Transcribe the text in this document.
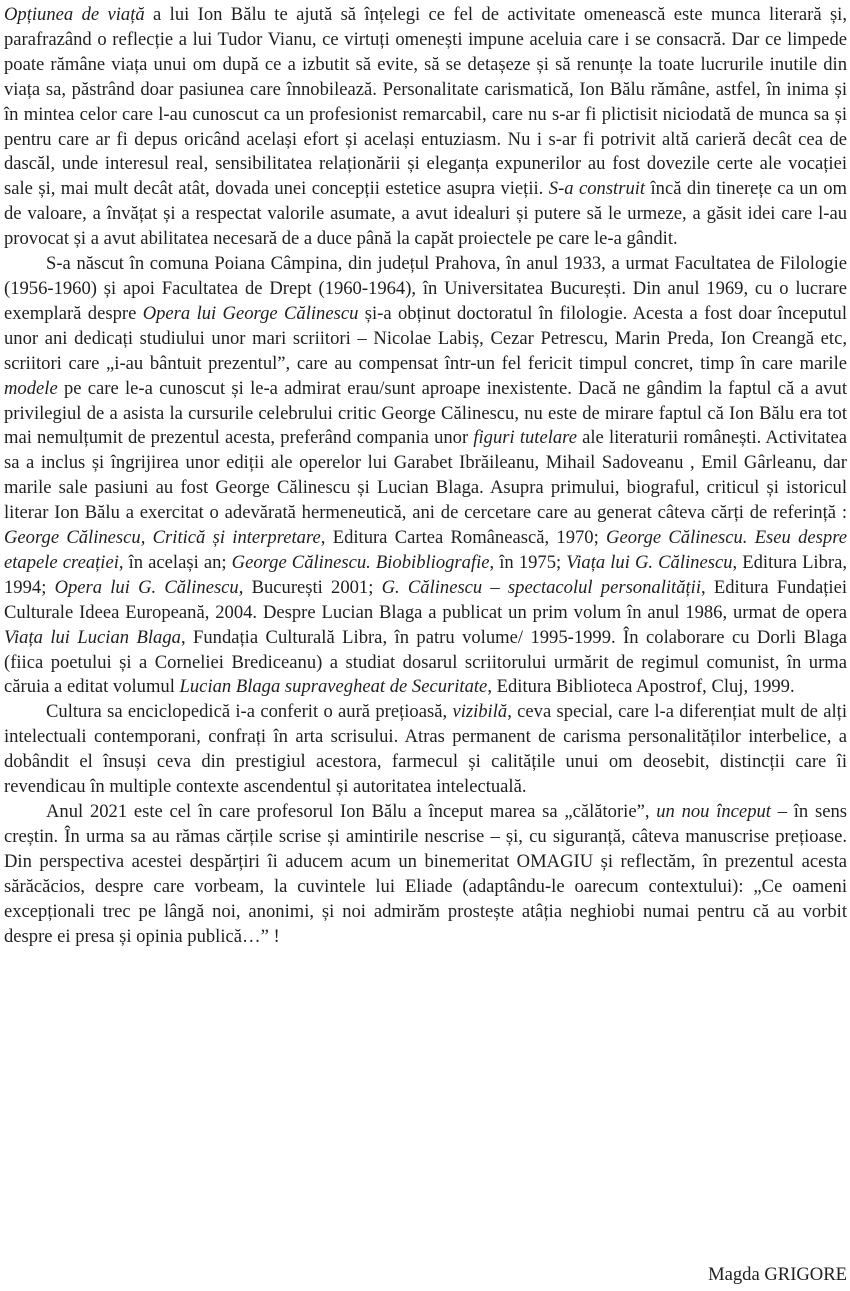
Opțiunea de viață a lui Ion Bălu te ajută să înțelegi ce fel de activitate omenească este munca literară și, parafrazând o reflecție a lui Tudor Vianu, ce virtuți omenești impune aceluia care i se consacră. Dar ce limpede poate rămâne viața unui om după ce a izbutit să evite, să se detașeze și să renunțe la toate lucrurile inutile din viața sa, păstrând doar pasiunea care înnobilează. Personalitate carismatică, Ion Bălu rămâne, astfel, în inima și în mintea celor care l-au cunoscut ca un profesionist remarcabil, care nu s-ar fi plictisit niciodată de munca sa și pentru care ar fi depus oricând același efort și același entuziasm. Nu i s-ar fi potrivit altă carieră decât cea de dascăl, unde interesul real, sensibilitatea relaționării și eleganța expunerilor au fost dovezile certe ale vocației sale și, mai mult decât atât, dovada unei concepții estetice asupra vieții. S-a construit încă din tinerețe ca un om de valoare, a învățat și a respectat valorile asumate, a avut idealuri și putere să le urmeze, a găsit idei care l-au provocat și a avut abilitatea necesară de a duce până la capăt proiectele pe care le-a gândit.

S-a născut în comuna Poiana Câmpina, din județul Prahova, în anul 1933, a urmat Facultatea de Filologie (1956-1960) și apoi Facultatea de Drept (1960-1964), în Universitatea București. Din anul 1969, cu o lucrare exemplară despre Opera lui George Călinescu și-a obținut doctoratul în filologie. Acesta a fost doar începutul unor ani dedicați studiului unor mari scriitori – Nicolae Labiș, Cezar Petrescu, Marin Preda, Ion Creangă etc, scriitori care „i-au bântuit prezentul”, care au compensat într-un fel fericit timpul concret, timp în care marile modele pe care le-a cunoscut și le-a admirat erau/sunt aproape inexistente. Dacă ne gândim la faptul că a avut privilegiul de a asista la cursurile celebrului critic George Călinescu, nu este de mirare faptul că Ion Bălu era tot mai nemulțumit de prezentul acesta, preferând compania unor figuri tutelare ale literaturii românești. Activitatea sa a inclus și îngrijirea unor ediții ale operelor lui Garabet Ibrăileanu, Mihail Sadoveanu , Emil Gârleanu, dar marile sale pasiuni au fost George Călinescu și Lucian Blaga. Asupra primului, biograful, criticul și istoricul literar Ion Bălu a exercitat o adevărată hermeneutică, ani de cercetare care au generat câteva cărți de referință : George Călinescu, Critică și interpretare, Editura Cartea Românească, 1970; George Călinescu. Eseu despre etapele creației, în același an; George Călinescu. Biobibliografie, în 1975; Viața lui G. Călinescu, Editura Libra, 1994; Opera lui G. Călinescu, București 2001; G. Călinescu – spectacolul personalității, Editura Fundației Culturale Ideea Europeană, 2004. Despre Lucian Blaga a publicat un prim volum în anul 1986, urmat de opera Viața lui Lucian Blaga, Fundația Culturală Libra, în patru volume/ 1995-1999. În colaborare cu Dorli Blaga (fiica poetului și a Corneliei Brediceanu) a studiat dosarul scriitorului urmărit de regimul comunist, în urma căruia a editat volumul Lucian Blaga supravegheat de Securitate, Editura Biblioteca Apostrof, Cluj, 1999.

Cultura sa enciclopedică i-a conferit o aură prețioasă, vizibilă, ceva special, care l-a diferențiat mult de alți intelectuali contemporani, confrați în arta scrisului. Atras permanent de carisma personalităților interbelice, a dobândit el însuși ceva din prestigiul acestora, farmecul și calitățile unui om deosebit, distincții care îi revendicau în multiple contexte ascendentul și autoritatea intelectuală.

Anul 2021 este cel în care profesorul Ion Bălu a început marea sa „călătorie”, un nou început – în sens creștin. În urma sa au rămas cărțile scrise și amintirile nescrise – și, cu siguranță, câteva manuscrise prețioase. Din perspectiva acestei despărțiri îi aducem acum un binemeritat OMAGIU și reflectăm, în prezentul acesta sărăcăcios, despre care vorbeam, la cuvintele lui Eliade (adaptându-le oarecum contextului): „Ce oameni excepționali trec pe lângă noi, anonimi, și noi admirăm prostește atâția neghiobi numai pentru că au vorbit despre ei presa și opinia publică…” !

Magda GRIGORE
